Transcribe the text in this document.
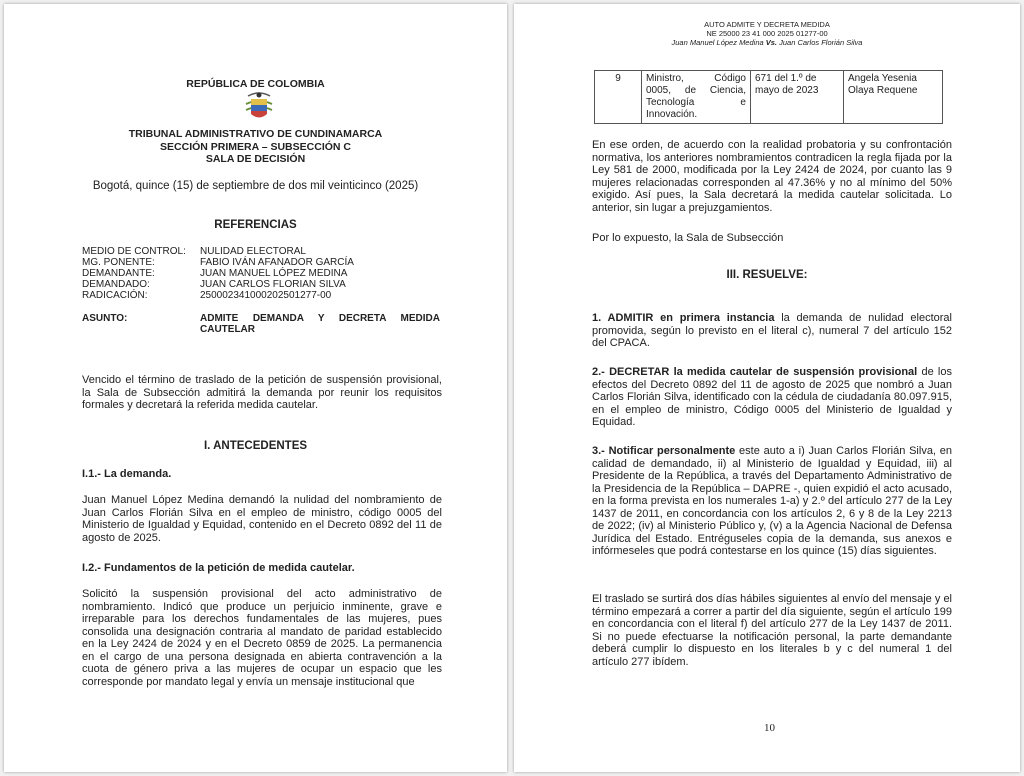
REPÚBLICA DE COLOMBIA
TRIBUNAL ADMINISTRATIVO DE CUNDINAMARCA
SECCIÓN PRIMERA – SUBSECCIÓN C
SALA DE DECISIÓN
Bogotá, quince (15) de septiembre de dos mil veinticinco (2025)
REFERENCIAS
MEDIO DE CONTROL: NULIDAD ELECTORAL
MG. PONENTE:	FABIO IVÁN AFANADOR GARCÍA
DEMANDANTE:	JUAN MANUEL LÓPEZ MEDINA
DEMANDADO:	JUAN CARLOS FLORIAN SILVA
RADICACIÓN:	25000234100020250127​7-00
ASUNTO:	ADMITE DEMANDA Y DECRETA MEDIDA CAUTELAR
Vencido el término de traslado de la petición de suspensión provisional, la Sala de Subsección admitirá la demanda por reunir los requisitos formales y decretará la referida medida cautelar.
I. ANTECEDENTES
I.1.- La demanda.
Juan Manuel López Medina demandó la nulidad del nombramiento de Juan Carlos Florián Silva en el empleo de ministro, código 0005 del Ministerio de Igualdad y Equidad, contenido en el Decreto 0892 del 11 de agosto de 2025.
I.2.- Fundamentos de la petición de medida cautelar.
Solicitó la suspensión provisional del acto administrativo de nombramiento. Indicó que produce un perjuicio inminente, grave e irreparable para los derechos fundamentales de las mujeres, pues consolida una designación contraria al mandato de paridad establecido en la Ley 2424 de 2024 y en el Decreto 0859 de 2025. La permanencia en el cargo de una persona designada en abierta contravención a la cuota de género priva a las mujeres de ocupar un espacio que les corresponde por mandato legal y envía un mensaje institucional que
AUTO ADMITE Y DECRETA MEDIDA
NE 25000 23 41 000 2025 01277-00
Juan Manuel López Medina Vs. Juan Carlos Florián Silva
9	Ministro, Código 0005, de Ciencia, Tecnología e Innovación.	671 del 1.º de mayo de 2023	Angela Yesenia Olaya Requene
En ese orden, de acuerdo con la realidad probatoria y su confrontación normativa, los anteriores nombramientos contradicen la regla fijada por la Ley 581 de 2000, modificada por la Ley 2424 de 2024, por cuanto las 9 mujeres relacionadas corresponden al 47.36% y no al mínimo del 50% exigido. Así pues, la Sala decretará la medida cautelar solicitada. Lo anterior, sin lugar a prejuzgamientos.
Por lo expuesto, la Sala de Subsección
III. RESUELVE:
1. ADMITIR en primera instancia la demanda de nulidad electoral promovida, según lo previsto en el literal c), numeral 7 del artículo 152 del CPACA.
2.- DECRETAR la medida cautelar de suspensión provisional de los efectos del Decreto 0892 del 11 de agosto de 2025 que nombró a Juan Carlos Florián Silva, identificado con la cédula de ciudadanía 80.097.915, en el empleo de ministro, Código 0005 del Ministerio de Igualdad y Equidad.
3.- Notificar personalmente este auto a i) Juan Carlos Florián Silva, en calidad de demandado, ii) al Ministerio de Igualdad y Equidad, iii) al Presidente de la República, a través del Departamento Administrativo de la Presidencia de la República – DAPRE -, quien expidió el acto acusado, en la forma prevista en los numerales 1-a) y 2.º del artículo 277 de la Ley 1437 de 2011, en concordancia con los artículos 2, 6 y 8 de la Ley 2213 de 2022; (iv) al Ministerio Público y, (v) a la Agencia Nacional de Defensa Jurídica del Estado. Entréguseles copia de la demanda, sus anexos e infórmeseles que podrá contestarse en los quince (15) días siguientes.
El traslado se surtirá dos días hábiles siguientes al envío del mensaje y el término empezará a correr a partir del día siguiente, según el artículo 199 en concordancia con el literal f) del artículo 277 de la Ley 1437 de 2011. Si no puede efectuarse la notificación personal, la parte demandante deberá cumplir lo dispuesto en los literales b y c del numeral 1 del artículo 277 ibídem.
10
